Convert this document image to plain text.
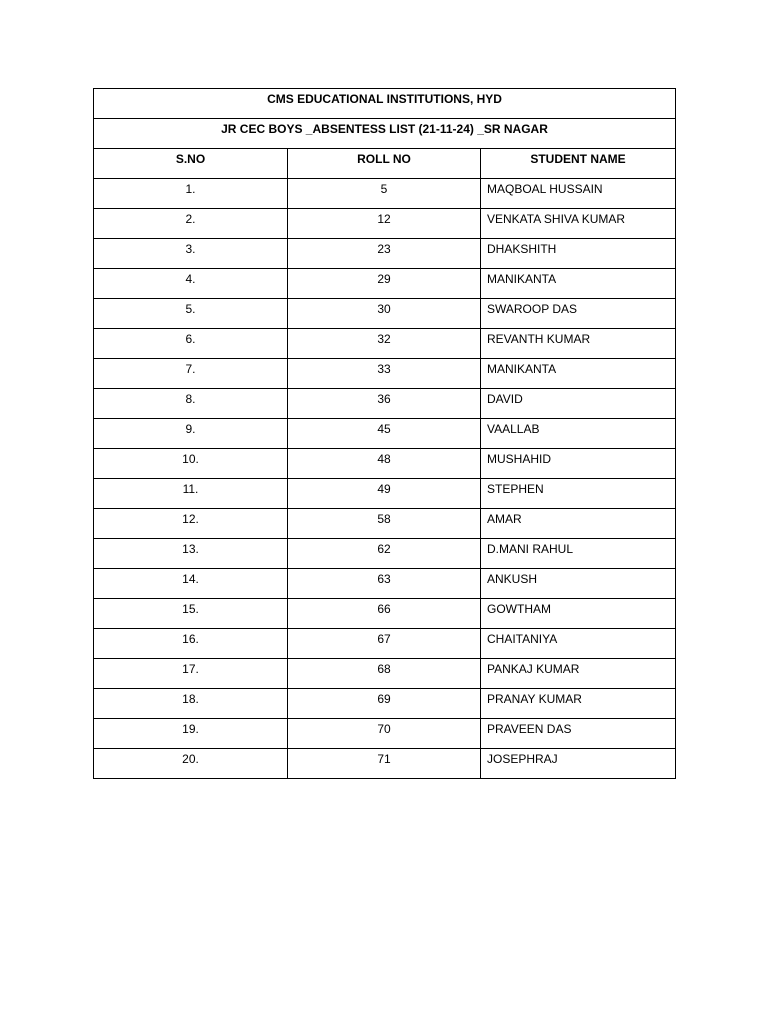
CMS EDUCATIONAL INSTITUTIONS, HYD		
JR CEC BOYS _ABSENTESS LIST (21-11-24) _SR NAGAR		
S.NO	ROLL NO	STUDENT NAME
1.	5	MAQBOAL HUSSAIN
2.	12	VENKATA SHIVA KUMAR
3.	23	DHAKSHITH
4.	29	MANIKANTA
5.	30	SWAROOP DAS
6.	32	REVANTH KUMAR
7.	33	MANIKANTA
8.	36	DAVID
9.	45	VAALLAB
10.	48	MUSHAHID
11.	49	STEPHEN
12.	58	AMAR
13.	62	D.MANI RAHUL
14.	63	ANKUSH
15.	66	GOWTHAM
16.	67	CHAITANIYA
17.	68	PANKAJ KUMAR
18.	69	PRANAY KUMAR
19.	70	PRAVEEN DAS
20.	71	JOSEPHRAJ
